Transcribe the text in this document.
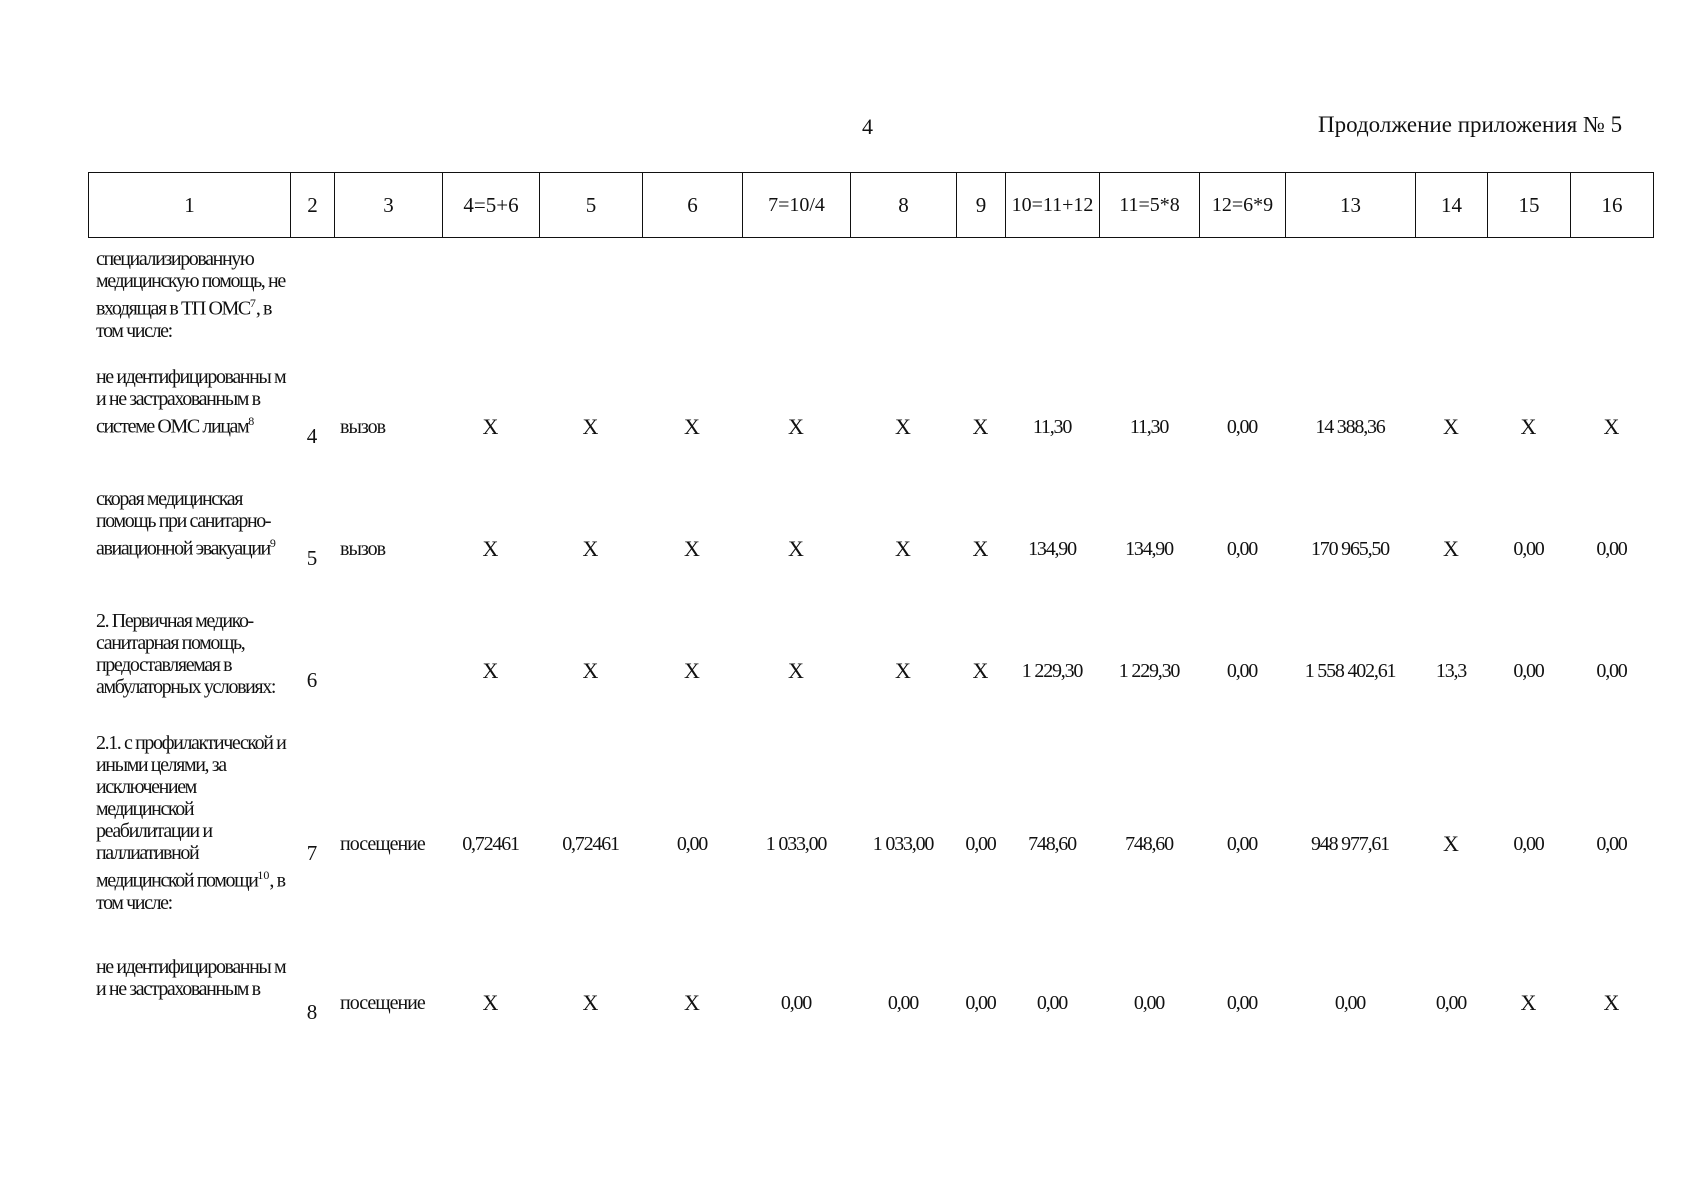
4	Продолжение приложения № 5
1	2	3	4=5+6	5	6	7=10/4	8	9	10=11+12	11=5*8	12=6*9	13	14	15	16
специализированную медицинскую помощь, не входящая в ТП ОМС$^7$, в том числе:															
не идентифицированны м и не застрахованным в системе ОМС лицам$^8$	4	вызов	X	X	X	X	X	X	11,30	11,30	0,00	14 388,36	X	X	X
скорая медицинская помощь при санитарно-авиационной эвакуации$^9$	5	вызов	X	X	X	X	X	X	134,90	134,90	0,00	170 965,50	X	0,00	0,00
2. Первичная медико-санитарная помощь, предоставляемая в амбулаторных условиях:	6		X	X	X	X	X	X	1 229,30	1 229,30	0,00	1 558 402,61	13,3	0,00	0,00
2.1. с профилактической и иными целями, за исключением медицинской реабилитации и паллиативной медицинской помощи$^{10}$, в том числе:	7	посещение	0,72461	0,72461	0,00	1 033,00	1 033,00	0,00	748,60	748,60	0,00	948 977,61	X	0,00	0,00
не идентифицированны м и не застрахованным в	8	посещение	X	X	X	0,00	0,00	0,00	0,00	0,00	0,00	0,00	0,00	X	X
